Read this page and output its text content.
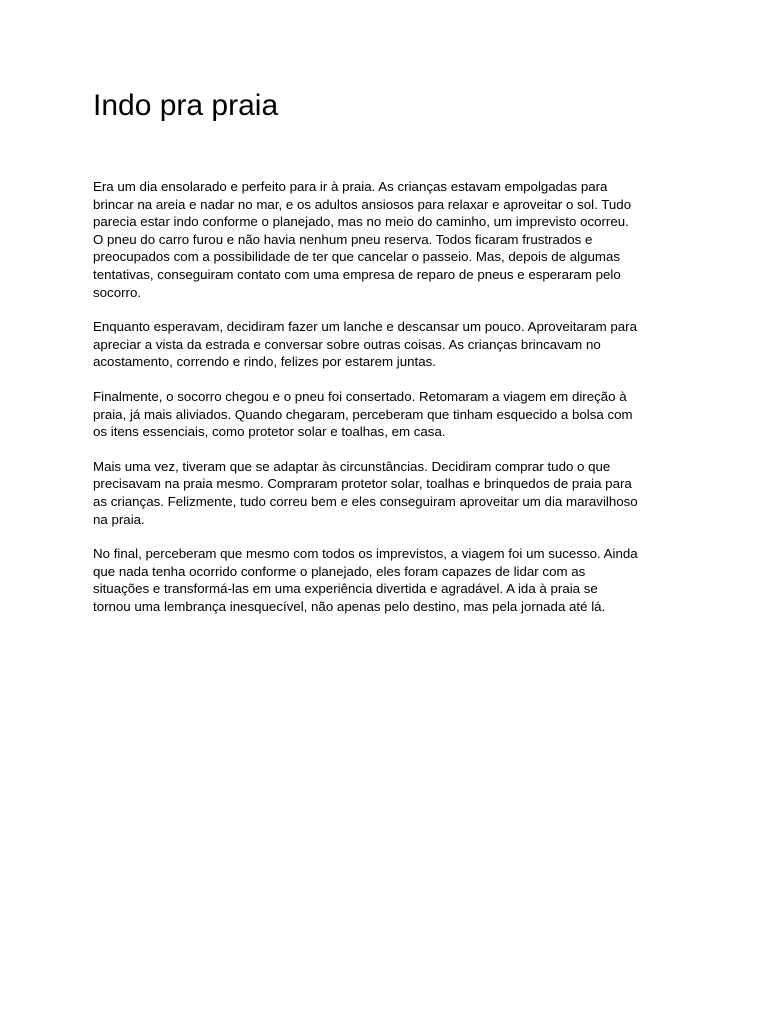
Indo pra praia

Era um dia ensolarado e perfeito para ir à praia. As crianças estavam empolgadas para
brincar na areia e nadar no mar, e os adultos ansiosos para relaxar e aproveitar o sol. Tudo
parecia estar indo conforme o planejado, mas no meio do caminho, um imprevisto ocorreu.
O pneu do carro furou e não havia nenhum pneu reserva. Todos ficaram frustrados e
preocupados com a possibilidade de ter que cancelar o passeio. Mas, depois de algumas
tentativas, conseguiram contato com uma empresa de reparo de pneus e esperaram pelo
socorro.

Enquanto esperavam, decidiram fazer um lanche e descansar um pouco. Aproveitaram para
apreciar a vista da estrada e conversar sobre outras coisas. As crianças brincavam no
acostamento, correndo e rindo, felizes por estarem juntas.

Finalmente, o socorro chegou e o pneu foi consertado. Retomaram a viagem em direção à
praia, já mais aliviados. Quando chegaram, perceberam que tinham esquecido a bolsa com
os itens essenciais, como protetor solar e toalhas, em casa.

Mais uma vez, tiveram que se adaptar às circunstâncias. Decidiram comprar tudo o que
precisavam na praia mesmo. Compraram protetor solar, toalhas e brinquedos de praia para
as crianças. Felizmente, tudo correu bem e eles conseguiram aproveitar um dia maravilhoso
na praia.

No final, perceberam que mesmo com todos os imprevistos, a viagem foi um sucesso. Ainda
que nada tenha ocorrido conforme o planejado, eles foram capazes de lidar com as
situações e transformá-las em uma experiência divertida e agradável. A ida à praia se
tornou uma lembrança inesquecível, não apenas pelo destino, mas pela jornada até lá.
